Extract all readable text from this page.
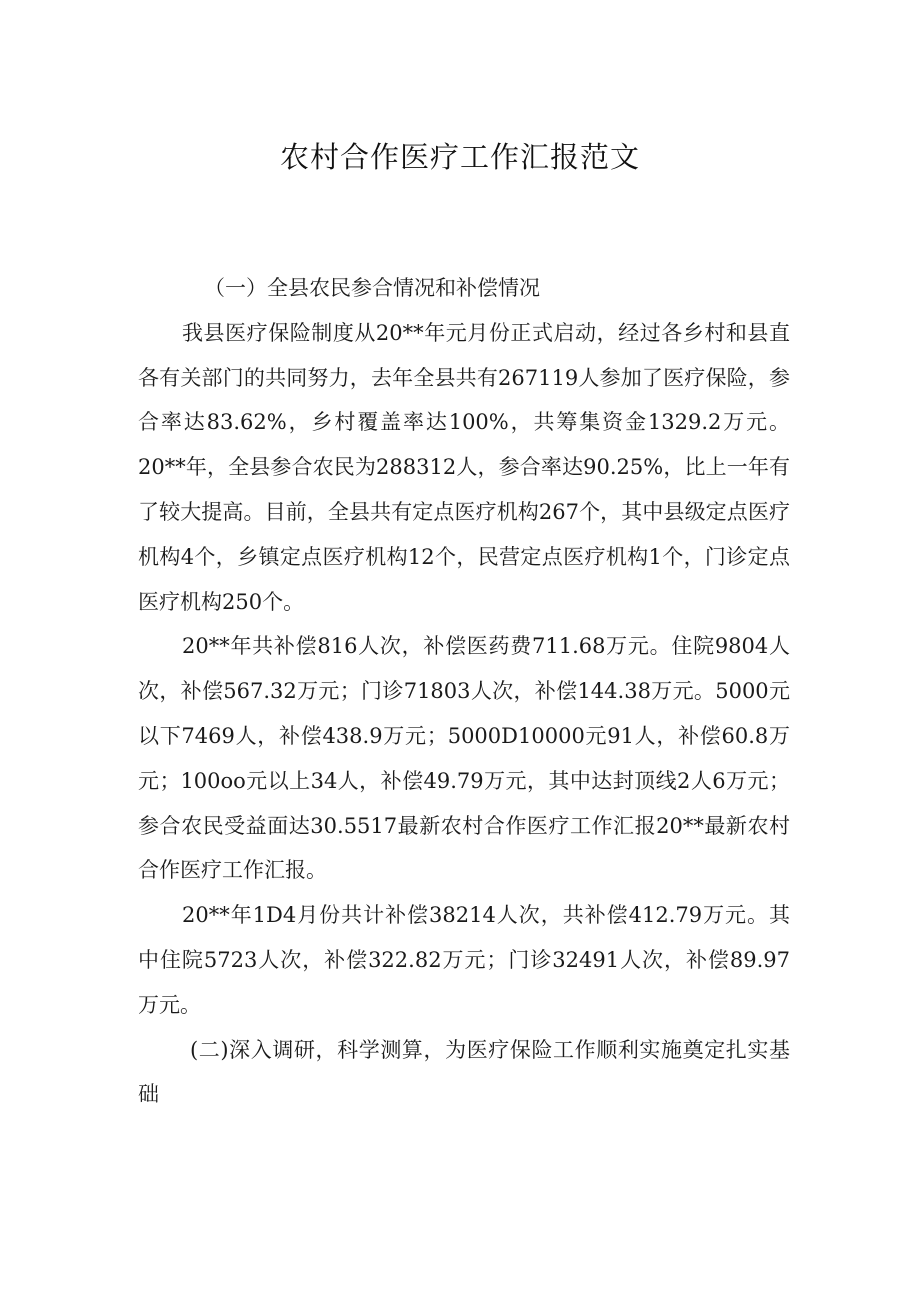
农村合作医疗工作汇报范文

（一）全县农民参合情况和补偿情况

我县医疗保险制度从20**年元月份正式启动，经过各乡村和县直各有关部门的共同努力，去年全县共有267119人参加了医疗保险，参合率达83.62%，乡村覆盖率达100%，共筹集资金1329.2万元。20**年，全县参合农民为288312人，参合率达90.25%，比上一年有了较大提高。目前，全县共有定点医疗机构267个，其中县级定点医疗机构4个，乡镇定点医疗机构12个，民营定点医疗机构1个，门诊定点医疗机构250个。

20**年共补偿816人次，补偿医药费711.68万元。住院9804人次，补偿567.32万元；门诊71803人次，补偿144.38万元。5000元以下7469人，补偿438.9万元；5000D10000元91人，补偿60.8万元；100oo元以上34人，补偿49.79万元，其中达封顶线2人6万元；参合农民受益面达30.5517最新农村合作医疗工作汇报20**最新农村合作医疗工作汇报。

20**年1D4月份共计补偿38214人次，共补偿412.79万元。其中住院5723人次，补偿322.82万元；门诊32491人次，补偿89.97万元。

(二)深入调研，科学测算，为医疗保险工作顺利实施奠定扎实基础
